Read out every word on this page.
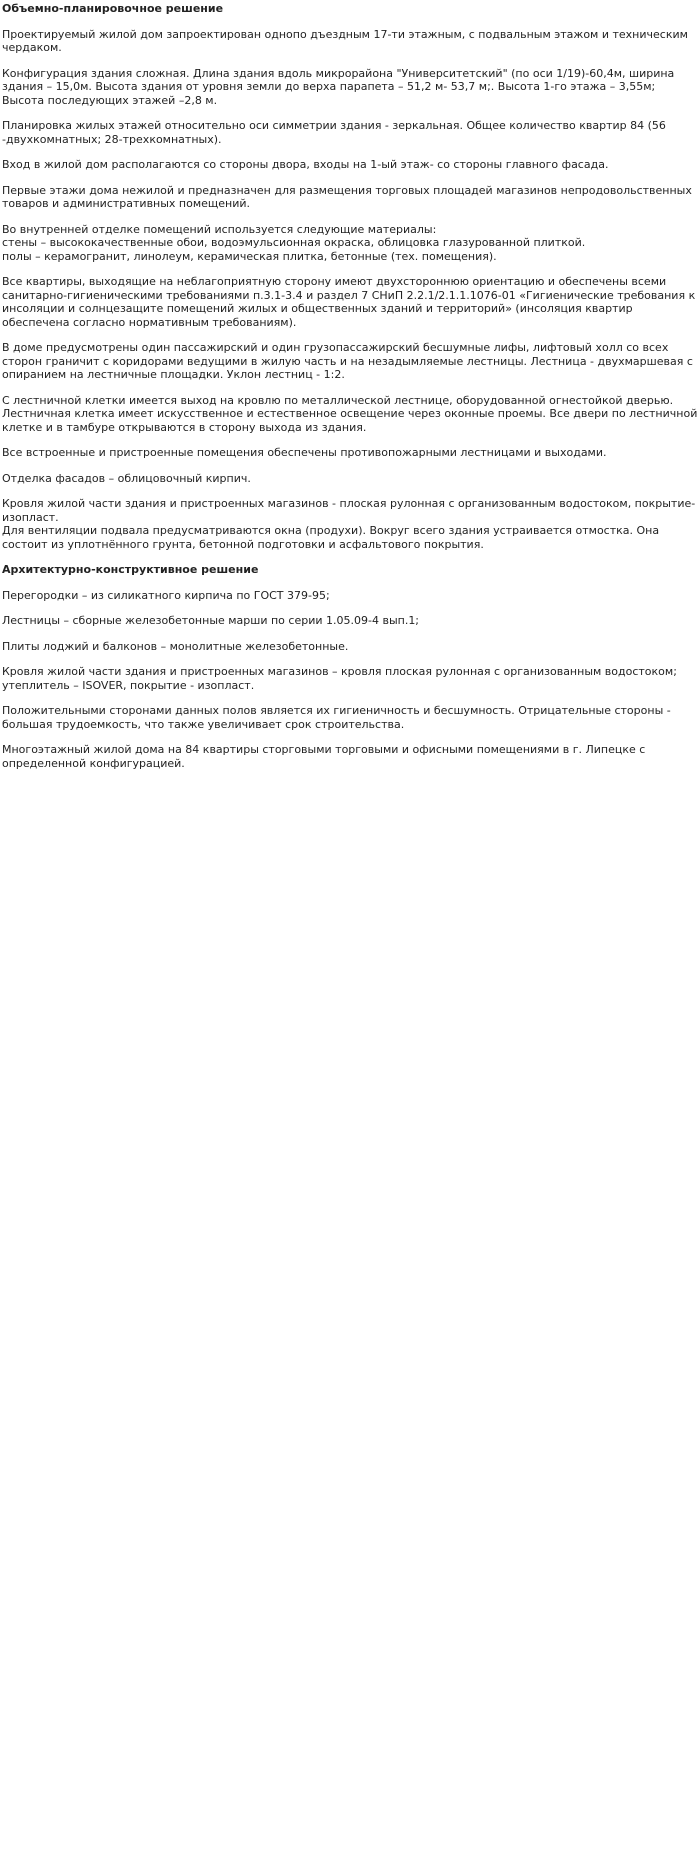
Объемно-планировочное решение

Проектируемый жилой дом запроектирован однопо дъездным 17-ти этажным, с подвальным этажом и техническим чердаком.

Конфигурация здания сложная. Длина здания вдоль микрорайона "Университетский" (по оси 1/19)-60,4м, ширина здания – 15,0м. Высота здания от уровня земли до верха парапета – 51,2 м- 53,7 м;. Высота 1-го этажа – 3,55м; Высота последующих этажей –2,8 м.

Планировка жилых этажей относительно оси симметрии здания - зеркальная. Общее количество квартир 84 (56 -двухкомнатных; 28-трехкомнатных).

Вход в жилой дом располагаются со стороны двора, входы на 1-ый этаж- со стороны главного фасада.

Первые этажи дома нежилой и предназначен для размещения торговых площадей магазинов непродовольственных товаров и административных помещений.

Во внутренней отделке помещений используется следующие материалы:
стены – высококачественные обои, водоэмульсионная окраска, облицовка глазурованной плиткой.
полы – керамогранит, линолеум, керамическая плитка, бетонные (тех. помещения).

Все квартиры, выходящие на неблагоприятную сторону имеют двухстороннюю ориентацию и обеспечены всеми санитарно-гигиеническими требованиями п.3.1-3.4 и раздел 7 СНиП 2.2.1/2.1.1.1076-01 «Гигиенические требования к инсоляции и солнцезащите помещений жилых и общественных зданий и территорий» (инсоляция квартир обеспечена согласно нормативным требованиям).

В доме предусмотрены один пассажирский и один грузопассажирский бесшумные лифы, лифтовый холл со всех сторон граничит с коридорами ведущими в жилую часть и на незадымляемые лестницы. Лестница - двухмаршевая с опиранием на лестничные площадки. Уклон лестниц - 1:2.

С лестничной клетки имеется выход на кровлю по металлической лестнице, оборудованной огнестойкой дверью. Лестничная клетка имеет искусственное и естественное освещение через оконные проемы. Все двери по лестничной клетке и в тамбуре открываются в сторону выхода из здания.

Все встроенные и пристроенные помещения обеспечены противопожарными лестницами и выходами.

Отделка фасадов – облицовочный кирпич.

Кровля жилой части здания и пристроенных магазинов - плоская рулонная с организованным водостоком, покрытие-изопласт.
Для вентиляции подвала предусматриваются окна (продухи). Вокруг всего здания устраивается отмостка. Она состоит из уплотнённого грунта, бетонной подготовки и асфальтового покрытия.

Архитектурно-конструктивное решение

Перегородки – из силикатного кирпича по ГОСТ 379-95;

Лестницы – сборные железобетонные марши по серии 1.05.09-4 вып.1;

Плиты лоджий и балконов – монолитные железобетонные.

Кровля жилой части здания и пристроенных магазинов – кровля плоская рулонная с организованным водостоком; утеплитель – ISOVER, покрытие - изопласт.

Положительными сторонами данных полов является их гигиеничность и бесшумность. Отрицательные стороны - большая трудоемкость, что также увеличивает срок строительства.

Многоэтажный жилой дома на 84 квартиры сторговыми торговыми и офисными помещениями в г. Липецке с определенной конфигурацией.
